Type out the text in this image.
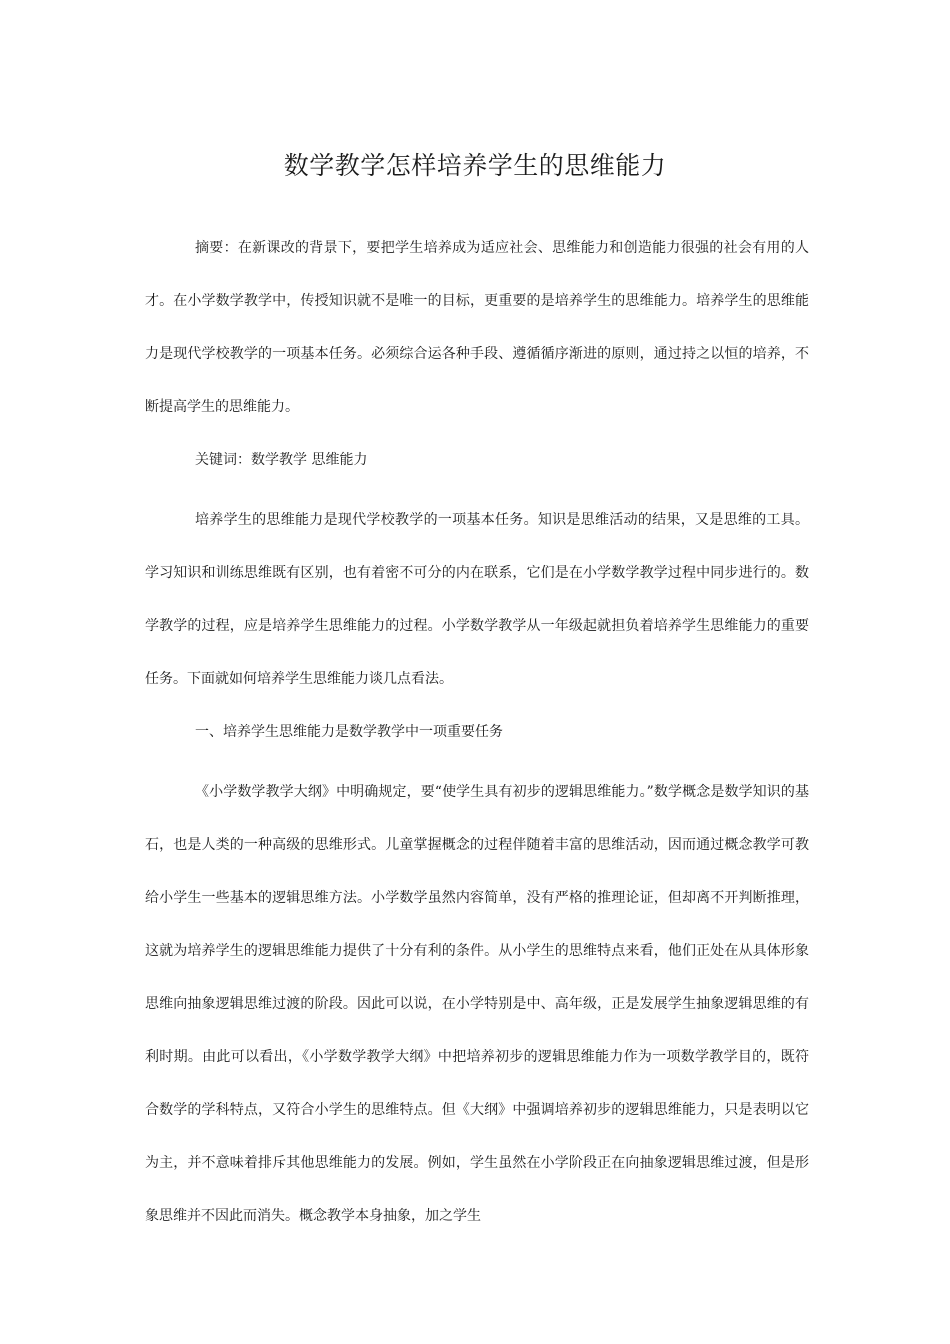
数学教学怎样培养学生的思维能力

摘要：在新课改的背景下，要把学生培养成为适应社会、思维能力和创造能力很强的社会有用的人才。在小学数学教学中，传授知识就不是唯一的目标，更重要的是培养学生的思维能力。培养学生的思维能力是现代学校教学的一项基本任务。必须综合运各种手段、遵循循序渐进的原则，通过持之以恒的培养，不断提高学生的思维能力。

关键词：数学教学 思维能力

培养学生的思维能力是现代学校教学的一项基本任务。知识是思维活动的结果，又是思维的工具。学习知识和训练思维既有区别，也有着密不可分的内在联系，它们是在小学数学教学过程中同步进行的。数学教学的过程，应是培养学生思维能力的过程。小学数学教学从一年级起就担负着培养学生思维能力的重要任务。下面就如何培养学生思维能力谈几点看法。

一、培养学生思维能力是数学教学中一项重要任务

《小学数学教学大纲》中明确规定，要“使学生具有初步的逻辑思维能力。”数学概念是数学知识的基石，也是人类的一种高级的思维形式。儿童掌握概念的过程伴随着丰富的思维活动，因而通过概念教学可教给小学生一些基本的逻辑思维方法。小学数学虽然内容简单，没有严格的推理论证，但却离不开判断推理，这就为培养学生的逻辑思维能力提供了十分有利的条件。从小学生的思维特点来看，他们正处在从具体形象思维向抽象逻辑思维过渡的阶段。因此可以说，在小学特别是中、高年级，正是发展学生抽象逻辑思维的有利时期。由此可以看出，《小学数学教学大纲》中把培养初步的逻辑思维能力作为一项数学教学目的，既符合数学的学科特点，又符合小学生的思维特点。但《大纲》中强调培养初步的逻辑思维能力，只是表明以它为主，并不意味着排斥其他思维能力的发展。例如，学生虽然在小学阶段正在向抽象逻辑思维过渡，但是形象思维并不因此而消失。概念教学本身抽象，加之学生
